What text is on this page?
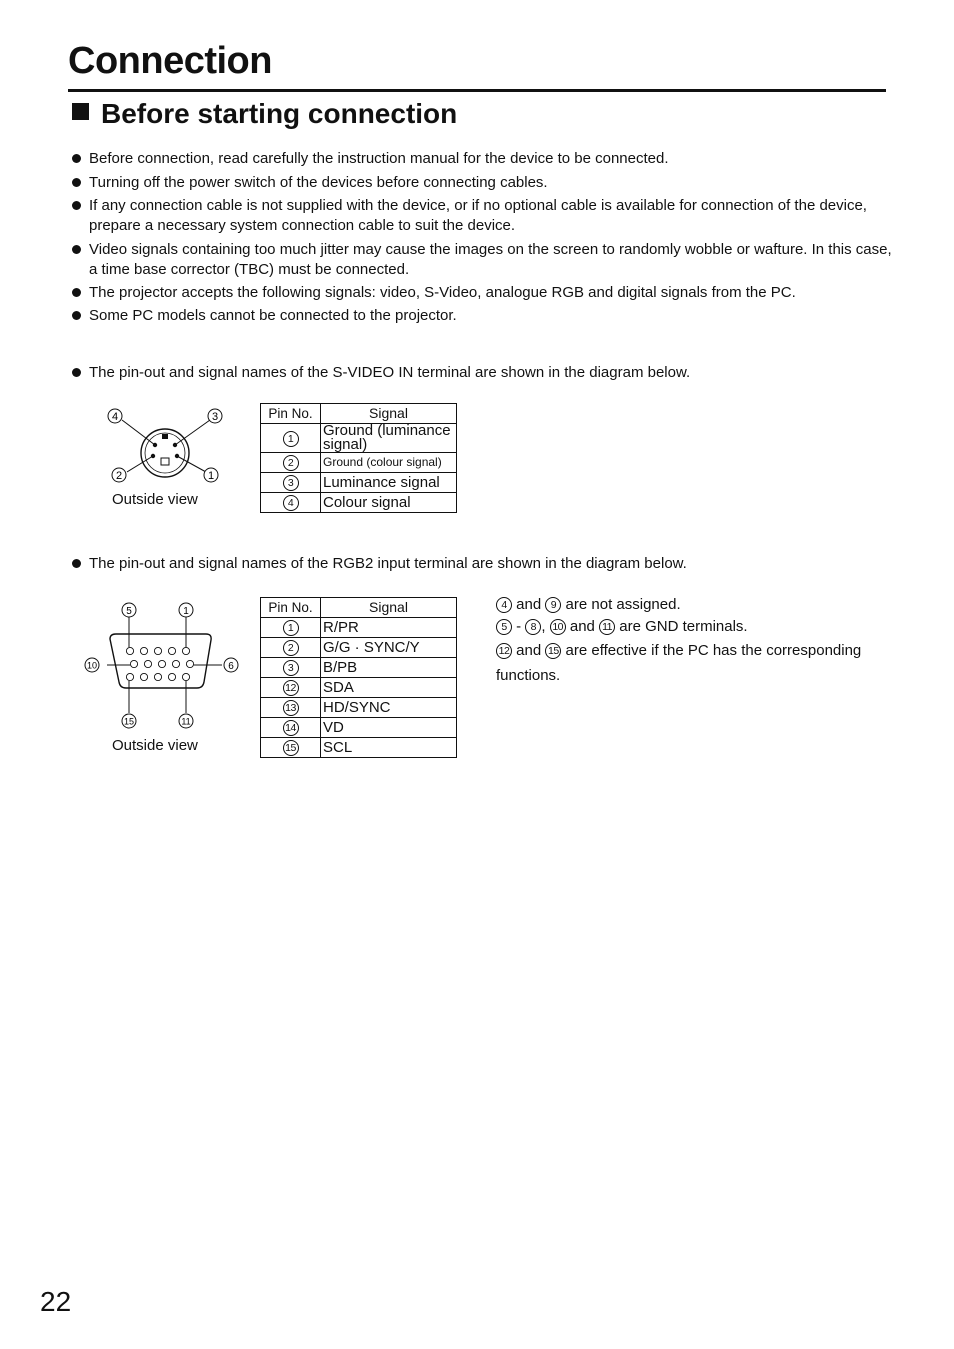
Connection
Before starting connection
Before connection, read carefully the instruction manual for the device to be connected.
Turning off the power switch of the devices before connecting cables.
If any connection cable is not supplied with the device, or if no optional cable is available for connection of the device, prepare a necessary system connection cable to suit the device.
Video signals containing too much jitter may cause the images on the screen to randomly wobble or wafture. In this case, a time base corrector (TBC) must be connected.
The projector accepts the following signals: video, S-Video, analogue RGB and digital signals from the PC.
Some PC models cannot be connected to the projector.
The pin-out and signal names of the S-VIDEO IN terminal are shown in the diagram below.
4	3
2	1
Outside view
Pin No.	Signal
1	Ground (luminance signal)
2	Ground (colour signal)
3	Luminance signal
4	Colour signal
The pin-out and signal names of the RGB2 input terminal are shown in the diagram below.
5	1
10	6
15	11
Outside view
Pin No.	Signal
1	R/PR
2	G/G · SYNC/Y
3	B/PB
12	SDA
13	HD/SYNC
14	VD
15	SCL
4 and 9 are not assigned.
5 - 8 , 10 and 11 are GND terminals.
12 and 15 are effective if the PC has the corresponding functions.
22
